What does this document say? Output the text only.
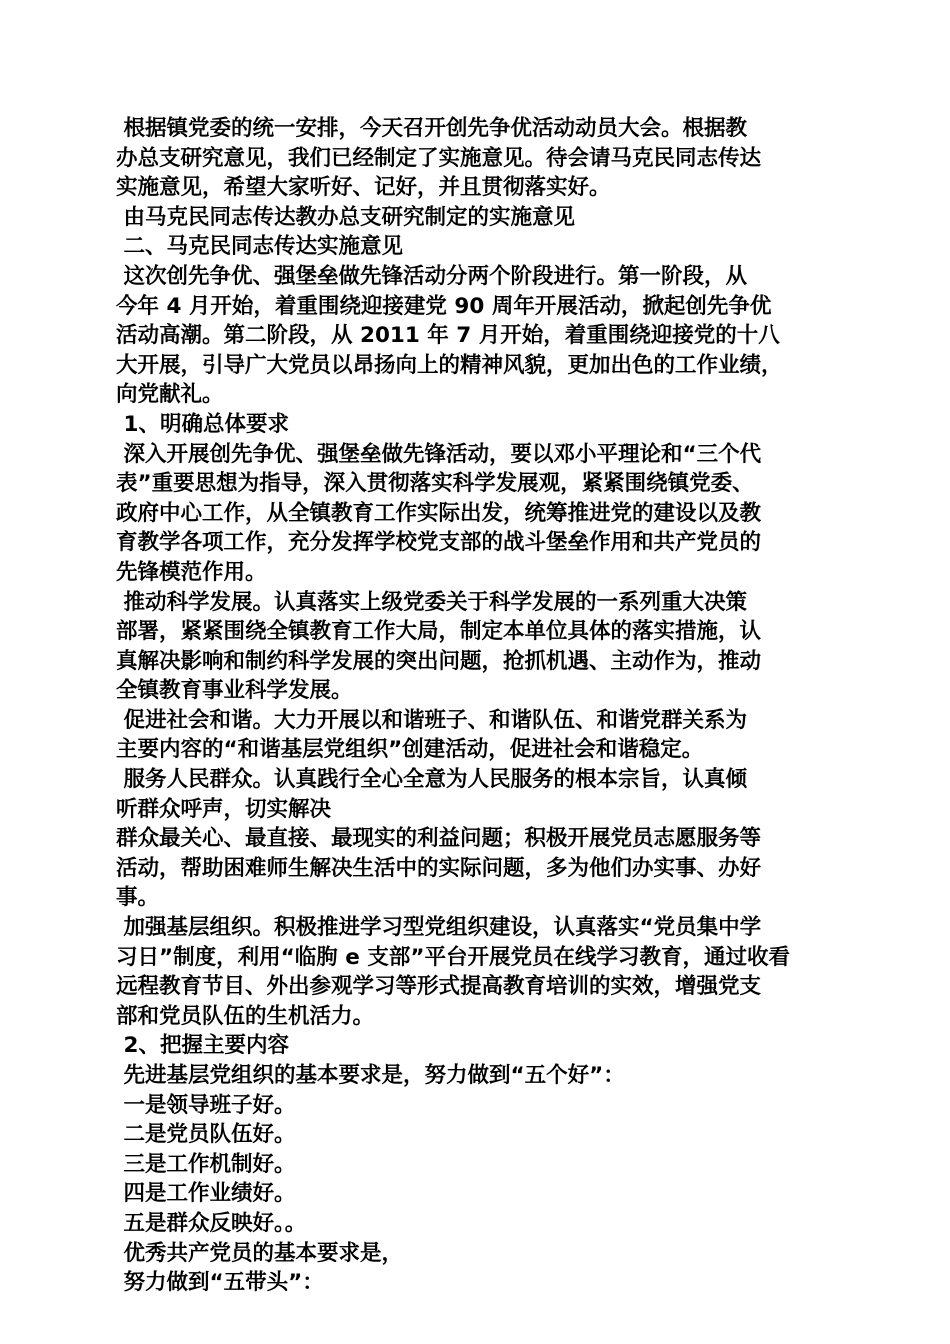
根据镇党委的统一安排，今天召开创先争优活动动员大会。根据教
办总支研究意见，我们已经制定了实施意见。待会请马克民同志传达
实施意见，希望大家听好、记好，并且贯彻落实好。
由马克民同志传达教办总支研究制定的实施意见
二、马克民同志传达实施意见
这次创先争优、强堡垒做先锋活动分两个阶段进行。第一阶段，从
今年 4 月开始，着重围绕迎接建党 90 周年开展活动，掀起创先争优
活动高潮。第二阶段，从 2011 年 7 月开始，着重围绕迎接党的十八
大开展，引导广大党员以昂扬向上的精神风貌，更加出色的工作业绩，
向党献礼。
1、明确总体要求
深入开展创先争优、强堡垒做先锋活动，要以邓小平理论和“三个代
表”重要思想为指导，深入贯彻落实科学发展观，紧紧围绕镇党委、
政府中心工作，从全镇教育工作实际出发，统筹推进党的建设以及教
育教学各项工作，充分发挥学校党支部的战斗堡垒作用和共产党员的
先锋模范作用。
推动科学发展。认真落实上级党委关于科学发展的一系列重大决策
部署，紧紧围绕全镇教育工作大局，制定本单位具体的落实措施，认
真解决影响和制约科学发展的突出问题，抢抓机遇、主动作为，推动
全镇教育事业科学发展。
促进社会和谐。大力开展以和谐班子、和谐队伍、和谐党群关系为
主要内容的“和谐基层党组织”创建活动，促进社会和谐稳定。
服务人民群众。认真践行全心全意为人民服务的根本宗旨，认真倾
听群众呼声，切实解决
群众最关心、最直接、最现实的利益问题；积极开展党员志愿服务等
活动，帮助困难师生解决生活中的实际问题，多为他们办实事、办好
事。
加强基层组织。积极推进学习型党组织建设，认真落实“党员集中学
习日”制度，利用“临朐 e 支部”平台开展党员在线学习教育，通过收看
远程教育节目、外出参观学习等形式提高教育培训的实效，增强党支
部和党员队伍的生机活力。
2、把握主要内容
先进基层党组织的基本要求是，努力做到“五个好”：
一是领导班子好。
二是党员队伍好。
三是工作机制好。
四是工作业绩好。
五是群众反映好。。
优秀共产党员的基本要求是，
努力做到“五带头”：
